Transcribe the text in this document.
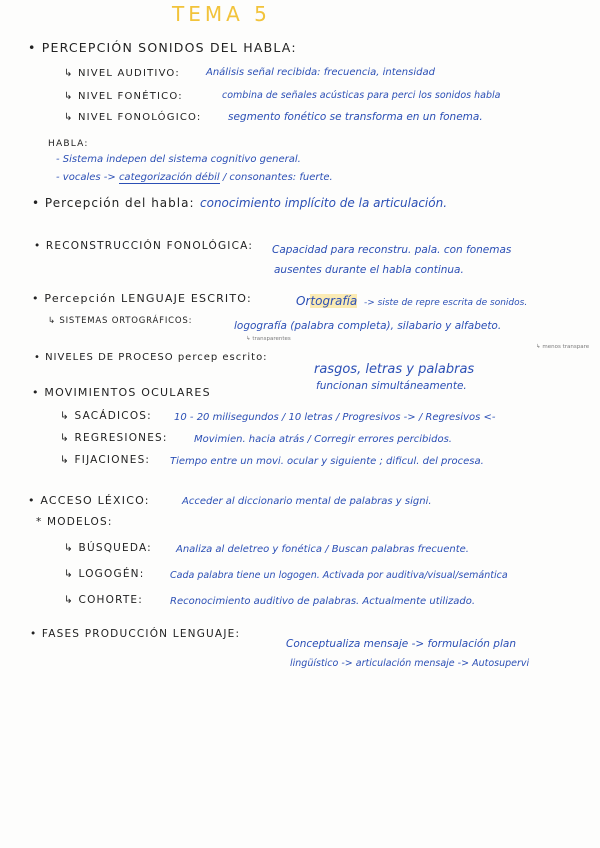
TEMA 5
• PERCEPCIÓN SONIDOS DEL HABLA:
↳ NIVEL AUDITIVO:	Análisis señal recibida: frecuencia, intensidad
↳ NIVEL FONÉTICO:	combina de señales acústicas para perci los sonidos habla
↳ NIVEL FONOLÓGICO:	segmento fonético se transforma en un fonema.
HABLA:
- Sistema indepen del sistema cognitivo general.
- vocales -> categorización débil / consonantes: fuerte.
• Percepción del habla: conocimiento implícito de la articulación.
• RECONSTRUCCIÓN FONOLÓGICA: Capacidad para reconstru. pala. con fonemas
ausentes durante el habla continua.
• Percepción LENGUAJE ESCRITO:	Ortografía -> siste de repre escrita de sonidos.
↳ SISTEMAS ORTOGRÁFICOS:	logografía (palabra completa), silabario y alfabeto.
↳ transparentes
↳ menos transpare
• NIVELES DE PROCESO percep escrito:
rasgos, letras y palabras
funcionan simultáneamente.
• MOVIMIENTOS OCULARES
↳ SACÁDICOS: 10 - 20 milisegundos / 10 letras / Progresivos -> / Regresivos <-
↳ REGRESIONES:	Movimien. hacia atrás / Corregir errores percibidos.
↳ FIJACIONES: Tiempo entre un movi. ocular y siguiente ; dificul. del procesa.
• ACCESO LÉXICO:	Acceder al diccionario mental de palabras y signi.
* MODELOS:
↳ BÚSQUEDA: Analiza al deletreo y fonética / Buscan palabras frecuente.
↳ LOGOGÉN:	Cada palabra tiene un logogen. Activada por auditiva/visual/semántica
↳ COHORTE:	Reconocimiento auditivo de palabras. Actualmente utilizado.
• FASES PRODUCCIÓN LENGUAJE:
Conceptualiza mensaje -> formulación plan
lingüístico -> articulación mensaje -> Autosupervi
